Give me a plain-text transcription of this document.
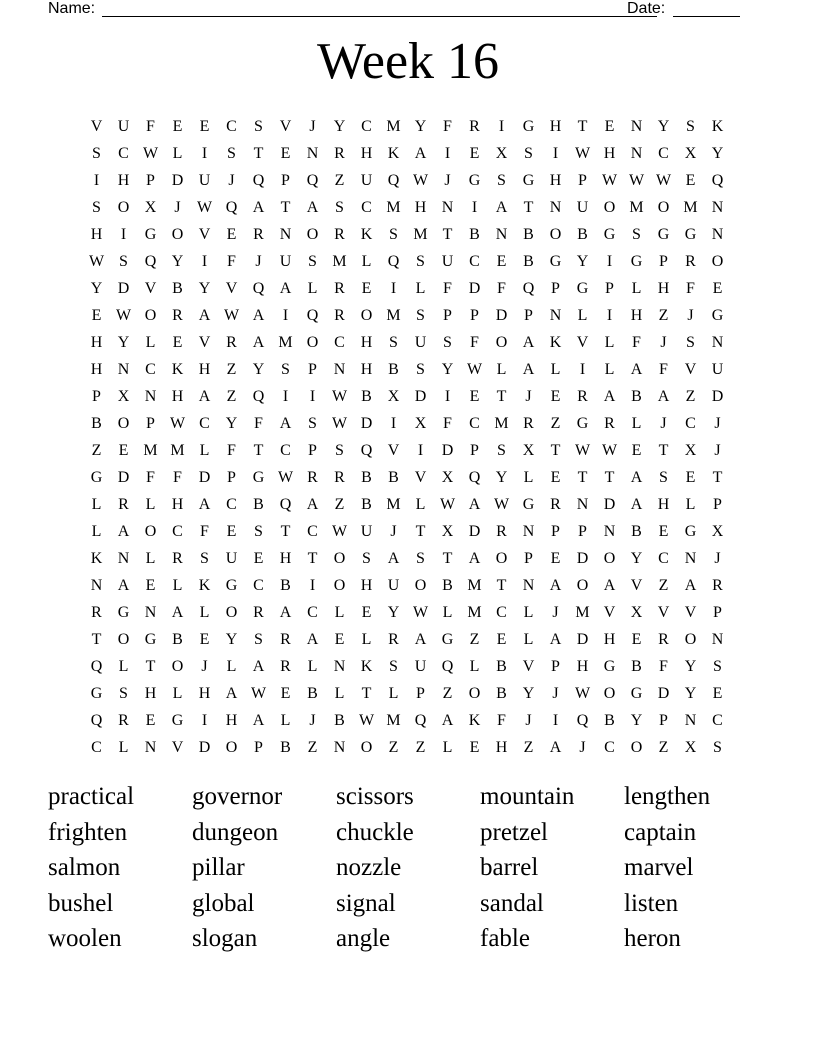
Name:	Date:
Week 16
V U	F	E	E	C	S	V	J	Y C M Y	F	R	I	G H	T	E	N Y	S	K
S	C W L	I	S	T	E	N R H K A	I	E	X	S	I	W H N C X Y
I	H	P	D U	J	Q	P	Q	Z	U Q W	J	G	S	G H	P W W W E	Q
S	O X	J	W Q A	T	A	S	C M H N	I	A	T	N U O M O M N
H	I	G O V	E	R N O R K	S M T	B N B O B G	S	G G N
W S	Q Y	I	F	J	U	S M L	Q	S	U C	E	B G Y	I	G	P	R O
Y D V B Y V Q A	L	R	E	I	L	F	D	F	Q	P	G	P	L	H	F	E
E W O R A W A	I	Q R O M S	P	P	D	P	N	L	I	H	Z	J	G
H Y	L	E	V R A M O C H	S	U	S	F	O A K V	L	F	J	S	N
H N C K H	Z	Y	S	P	N H B	S	Y W L	A	L	I	L	A	F	V U
P	X N H A	Z	Q	I	I	W B X D	I	E	T	J	E	R A B A	Z	D
B O	P W C Y	F	A	S W D	I	X	F	C M R	Z	G R	L	J	C	J
Z	E M M L	F	T	C	P	S	Q V	I	D	P	S	X	T W W E	T	X	J
G D	F	F	D	P	G W R	R	B	B V X Q Y	L	E	T	T	A	S	E	T
L	R	L	H A C	B Q A	Z	B M L W A W G R N D A H	L	P
L	A O C	F	E	S	T	C W U	J	T	X D R N	P	P	N B	E	G X
K N	L	R	S	U	E	H	T	O	S	A	S	T	A O	P	E	D O Y C N	J
N A	E	L	K G C	B	I	O H U O B M T	N A O A V	Z	A R
R G N A	L	O R A C	L	E	Y W L M C	L	J	M V X V V	P
T	O G B	E	Y	S	R A	E	L	R A G	Z	E	L	A D H	E	R O N
Q	L	T	O	J	L	A R	L	N K	S	U Q	L	B V	P	H G B	F	Y	S
G	S	H	L	H A W E	B	L	T	L	P	Z	O B Y	J	W O G D Y	E
Q R	E	G	I	H A	L	J	B W M Q A K	F	J	I	Q B Y	P	N C
C	L	N V D O	P	B	Z	N O	Z	Z	L	E	H	Z	A	J	C O	Z	X	S
practical	governor	scissors	mountain	lengthen
frighten	dungeon	chuckle	pretzel	captain
salmon	pillar	nozzle	barrel	marvel
bushel	global	signal	sandal	listen
woolen	slogan	angle	fable	heron
